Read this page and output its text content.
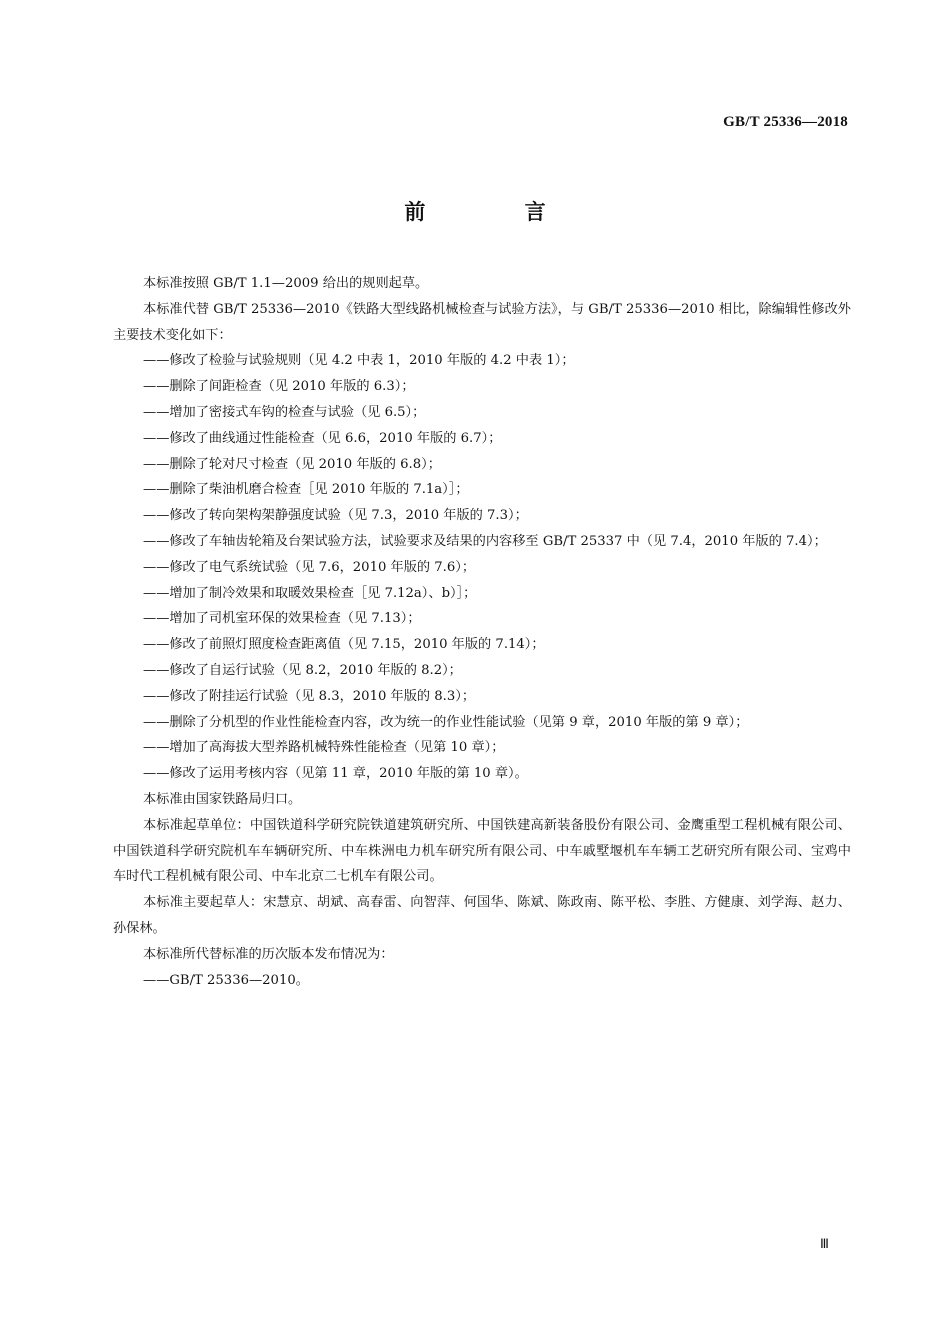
GB/T 25336—2018
前 言

本标准按照 GB/T 1.1—2009 给出的规则起草。

本标准代替 GB/T 25336—2010《铁路大型线路机械检查与试验方法》，与 GB/T 25336—2010 相比，除编辑性修改外主要技术变化如下：

——修改了检验与试验规则（见 4.2 中表 1，2010 年版的 4.2 中表 1）；

——删除了间距检查（见 2010 年版的 6.3）；

——增加了密接式车钩的检查与试验（见 6.5）；

——修改了曲线通过性能检查（见 6.6，2010 年版的 6.7）；

——删除了轮对尺寸检查（见 2010 年版的 6.8）；

——删除了柴油机磨合检查［见 2010 年版的 7.1a）］；

——修改了转向架构架静强度试验（见 7.3，2010 年版的 7.3）；

——修改了车轴齿轮箱及台架试验方法，试验要求及结果的内容移至 GB/T 25337 中（见 7.4，2010 年版的 7.4）；

——修改了电气系统试验（见 7.6，2010 年版的 7.6）；

——增加了制冷效果和取暖效果检查［见 7.12a）、b）］；

——增加了司机室环保的效果检查（见 7.13）；

——修改了前照灯照度检查距离值（见 7.15，2010 年版的 7.14）；

——修改了自运行试验（见 8.2，2010 年版的 8.2）；

——修改了附挂运行试验（见 8.3，2010 年版的 8.3）；

——删除了分机型的作业性能检查内容，改为统一的作业性能试验（见第 9 章，2010 年版的第 9 章）；

——增加了高海拔大型养路机械特殊性能检查（见第 10 章）；

——修改了运用考核内容（见第 11 章，2010 年版的第 10 章）。

本标准由国家铁路局归口。

本标准起草单位：中国铁道科学研究院铁道建筑研究所、中国铁建高新装备股份有限公司、金鹰重型工程机械有限公司、中国铁道科学研究院机车车辆研究所、中车株洲电力机车研究所有限公司、中车戚墅堰机车车辆工艺研究所有限公司、宝鸡中车时代工程机械有限公司、中车北京二七机车有限公司。

本标准主要起草人：宋慧京、胡斌、高春雷、向智萍、何国华、陈斌、陈政南、陈平松、李胜、方健康、刘学海、赵力、孙保林。

本标准所代替标准的历次版本发布情况为：

——GB/T 25336—2010。

Ⅲ
